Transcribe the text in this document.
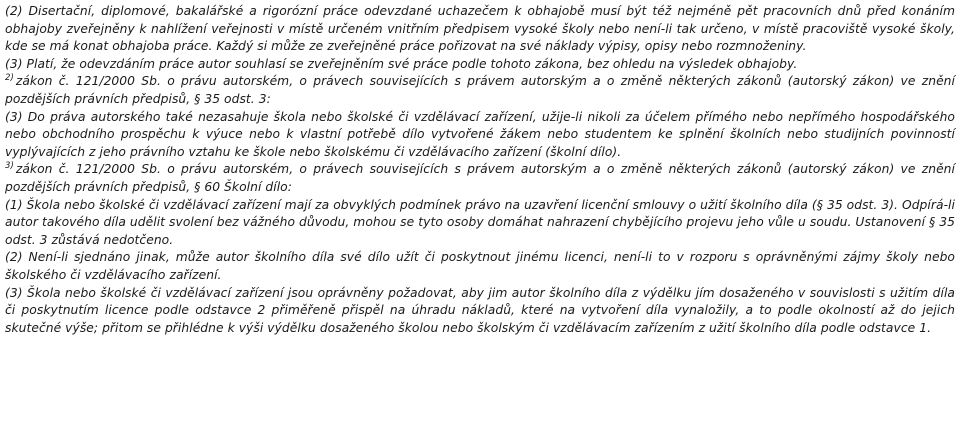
(2) Disertační, diplomové, bakalářské a rigorózní práce odevzdané uchazečem k obhajobě musí být též nejméně pět pracovních dnů před konáním obhajoby zveřejněny k nahlížení veřejnosti v místě určeném vnitřním předpisem vysoké školy nebo není-li tak určeno, v místě pracoviště vysoké školy, kde se má konat obhajoba práce. Každý si může ze zveřejněné práce pořizovat na své náklady výpisy, opisy nebo rozmnoženiny.

(3) Platí, že odevzdáním práce autor souhlasí se zveřejněním své práce podle tohoto zákona, bez ohledu na výsledek obhajoby.

$^{2)}$ zákon č. 121/2000 Sb. o právu autorském, o právech souvisejících s právem autorským a o změně některých zákonů (autorský zákon) ve znění pozdějších právních předpisů, § 35 odst. 3:

(3) Do práva autorského také nezasahuje škola nebo školské či vzdělávací zařízení, užije-li nikoli za účelem přímého nebo nepřímého hospodářského nebo obchodního prospěchu k výuce nebo k vlastní potřebě dílo vytvořené žákem nebo studentem ke splnění školních nebo studijních povinností vyplývajících z jeho právního vztahu ke škole nebo školskému či vzdělávacího zařízení (školní dílo).

$^{3)}$ zákon č. 121/2000 Sb. o právu autorském, o právech souvisejících s právem autorským a o změně některých zákonů (autorský zákon) ve znění pozdějších právních předpisů, § 60 Školní dílo:

(1) Škola nebo školské či vzdělávací zařízení mají za obvyklých podmínek právo na uzavření licenční smlouvy o užití školního díla (§ 35 odst. 3). Odpírá-li autor takového díla udělit svolení bez vážného důvodu, mohou se tyto osoby domáhat nahrazení chybějícího projevu jeho vůle u soudu. Ustanovení § 35 odst. 3 zůstává nedotčeno.

(2) Není-li sjednáno jinak, může autor školního díla své dílo užít či poskytnout jinému licenci, není-li to v rozporu s oprávněnými zájmy školy nebo školského či vzdělávacího zařízení.

(3) Škola nebo školské či vzdělávací zařízení jsou oprávněny požadovat, aby jim autor školního díla z výdělku jím dosaženého v souvislosti s užitím díla či poskytnutím licence podle odstavce 2 přiměřeně přispěl na úhradu nákladů, které na vytvoření díla vynaložily, a to podle okolností až do jejich skutečné výše; přitom se přihlédne k výši výdělku dosaženého školou nebo školským či vzdělávacím zařízením z užití školního díla podle odstavce 1.
